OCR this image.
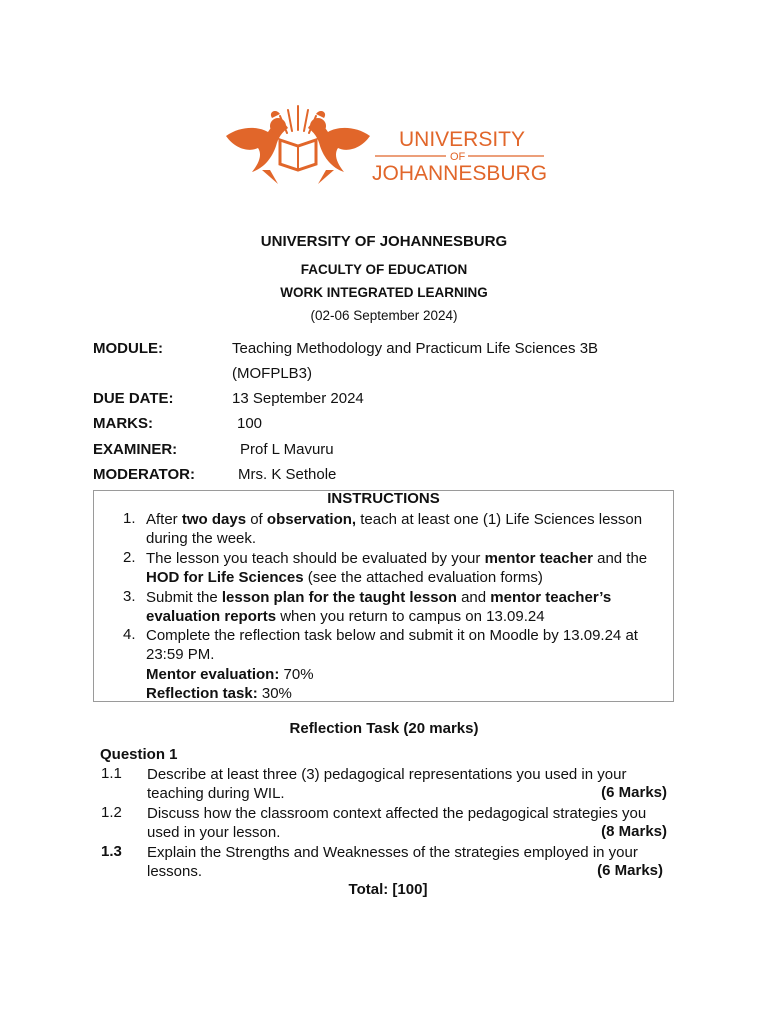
UNIVERSITY
OF
JOHANNESBURG
UNIVERSITY OF JOHANNESBURG
FACULTY OF EDUCATION
WORK INTEGRATED LEARNING
(02-06 September 2024)
MODULE:	Teaching Methodology and Practicum Life Sciences 3B
(MOFPLB3)
DUE DATE:	13 September 2024
MARKS:	100
EXAMINER:	Prof L Mavuru
MODERATOR:	Mrs. K Sethole
INSTRUCTIONS
1. After two days of observation, teach at least one (1) Life Sciences lesson
during the week.
2. The lesson you teach should be evaluated by your mentor teacher and the
HOD for Life Sciences (see the attached evaluation forms)
3. Submit the lesson plan for the taught lesson and mentor teacher’s
evaluation reports when you return to campus on 13.09.24
4. Complete the reflection task below and submit it on Moodle by 13.09.24 at
23:59 PM.
Mentor evaluation: 70%
Reflection task: 30%
Reflection Task (20 marks)
Question 1
1.1 Describe at least three (3) pedagogical representations you used in your
teaching during WIL.	(6 Marks)
1.2 Discuss how the classroom context affected the pedagogical strategies you
used in your lesson.	(8 Marks)
1.3 Explain the Strengths and Weaknesses of the strategies employed in your
lessons.	(6 Marks)
Total: [100]
